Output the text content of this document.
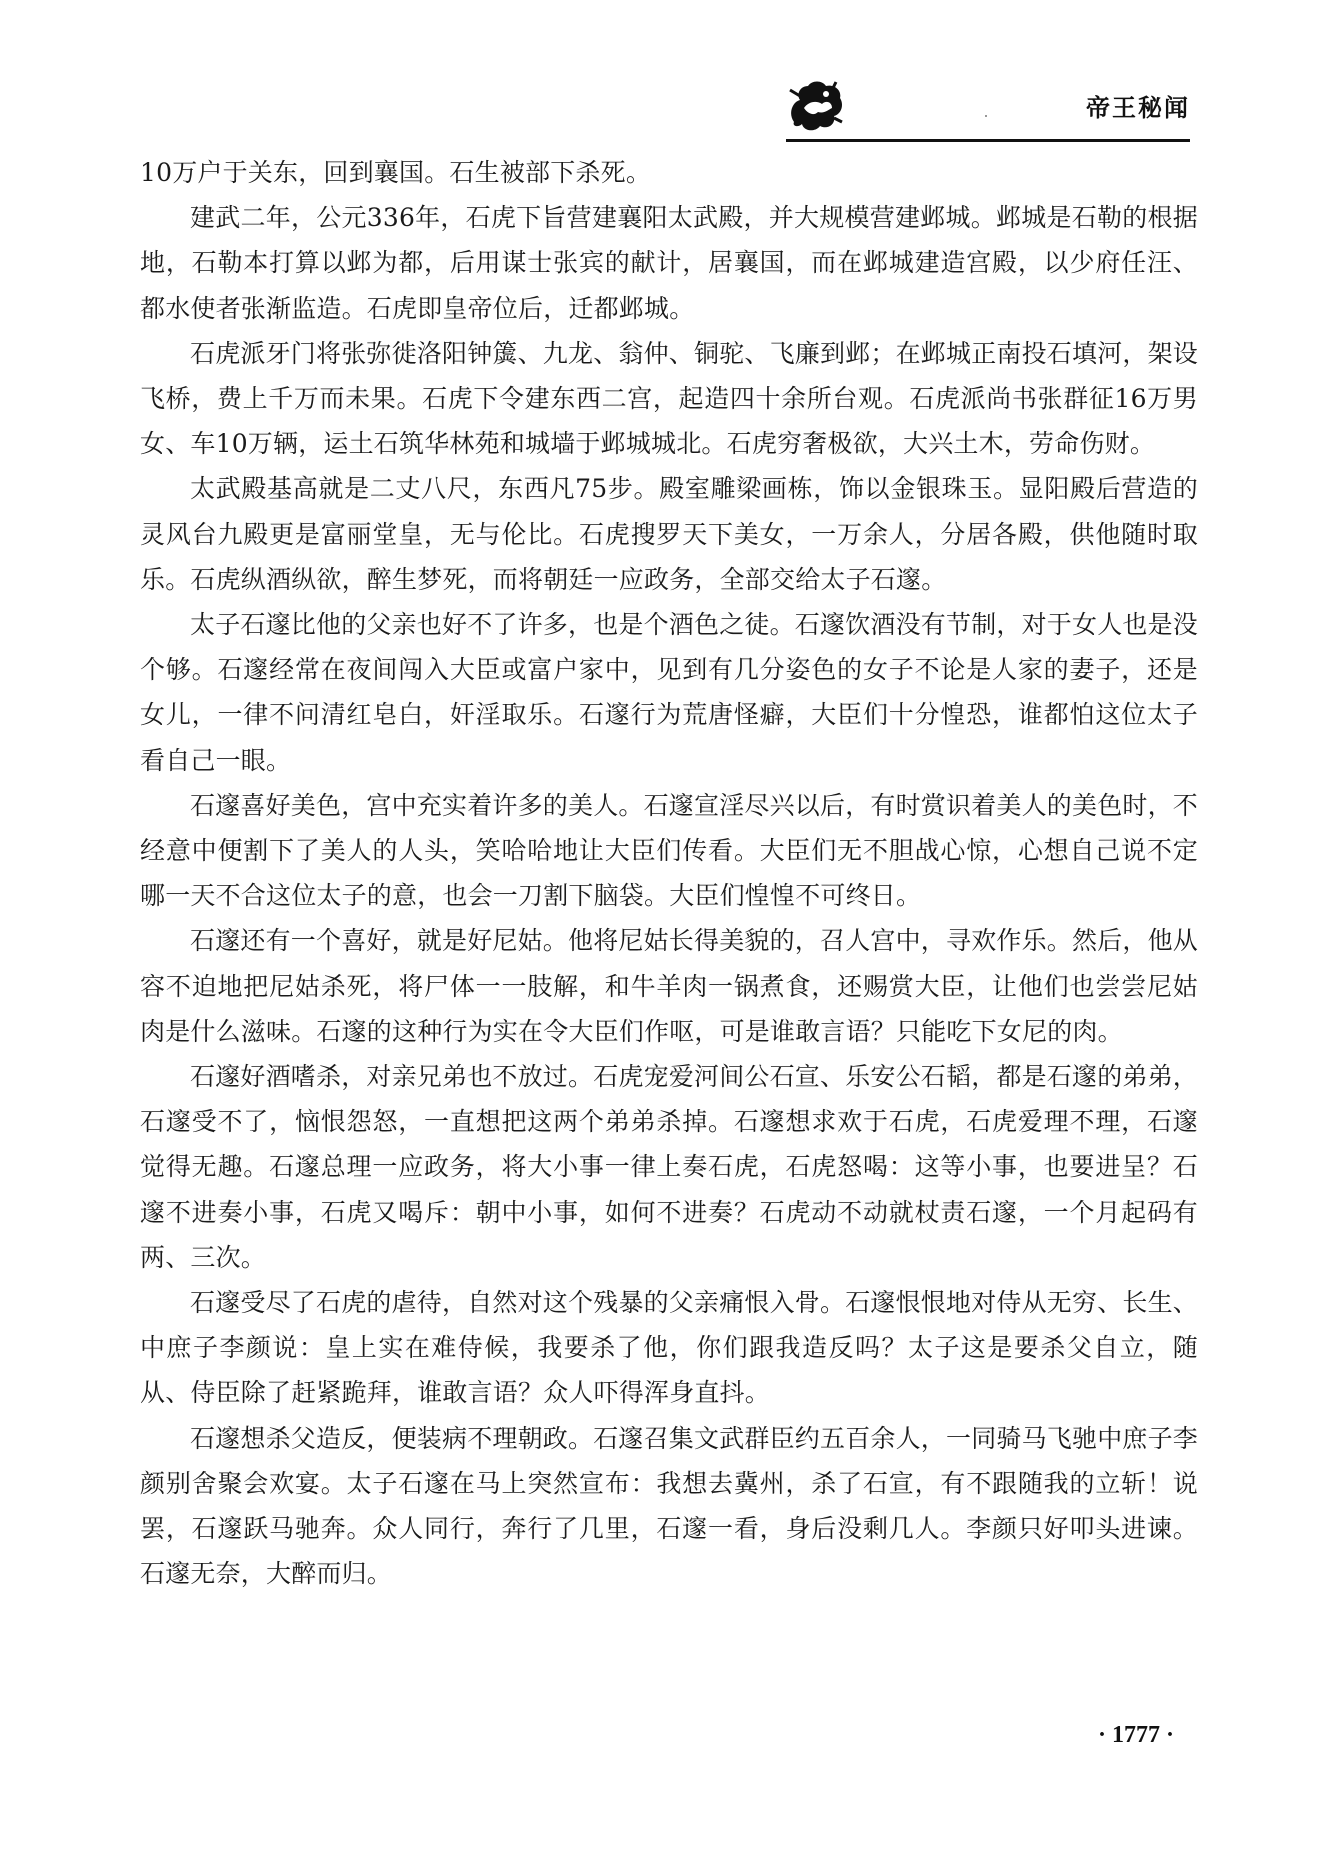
帝王秘闻

10万户于关东，回到襄国。石生被部下杀死。

建武二年，公元336年，石虎下旨营建襄阳太武殿，并大规模营建邺城。邺城是石勒的根据地，石勒本打算以邺为都，后用谋士张宾的献计，居襄国，而在邺城建造宫殿，以少府任汪、都水使者张渐监造。石虎即皇帝位后，迁都邺城。

石虎派牙门将张弥徙洛阳钟簴、九龙、翁仲、铜驼、飞廉到邺；在邺城正南投石填河，架设飞桥，费上千万而未果。石虎下令建东西二宫，起造四十余所台观。石虎派尚书张群征16万男女、车10万辆，运土石筑华林苑和城墙于邺城城北。石虎穷奢极欲，大兴土木，劳命伤财。

太武殿基高就是二丈八尺，东西凡75步。殿室雕梁画栋，饰以金银珠玉。显阳殿后营造的灵风台九殿更是富丽堂皇，无与伦比。石虎搜罗天下美女，一万余人，分居各殿，供他随时取乐。石虎纵酒纵欲，醉生梦死，而将朝廷一应政务，全部交给太子石邃。

太子石邃比他的父亲也好不了许多，也是个酒色之徒。石邃饮酒没有节制，对于女人也是没个够。石邃经常在夜间闯入大臣或富户家中，见到有几分姿色的女子不论是人家的妻子，还是女儿，一律不问清红皂白，奸淫取乐。石邃行为荒唐怪癖，大臣们十分惶恐，谁都怕这位太子看自己一眼。

石邃喜好美色，宫中充实着许多的美人。石邃宣淫尽兴以后，有时赏识着美人的美色时，不经意中便割下了美人的人头，笑哈哈地让大臣们传看。大臣们无不胆战心惊，心想自己说不定哪一天不合这位太子的意，也会一刀割下脑袋。大臣们惶惶不可终日。

石邃还有一个喜好，就是好尼姑。他将尼姑长得美貌的，召人宫中，寻欢作乐。然后，他从容不迫地把尼姑杀死，将尸体一一肢解，和牛羊肉一锅煮食，还赐赏大臣，让他们也尝尝尼姑肉是什么滋味。石邃的这种行为实在令大臣们作呕，可是谁敢言语？只能吃下女尼的肉。

石邃好酒嗜杀，对亲兄弟也不放过。石虎宠爱河间公石宣、乐安公石韬，都是石邃的弟弟，石邃受不了，恼恨怨怒，一直想把这两个弟弟杀掉。石邃想求欢于石虎，石虎爱理不理，石邃觉得无趣。石邃总理一应政务，将大小事一律上奏石虎，石虎怒喝：这等小事，也要进呈？石邃不进奏小事，石虎又喝斥：朝中小事，如何不进奏？石虎动不动就杖责石邃，一个月起码有两、三次。

石邃受尽了石虎的虐待，自然对这个残暴的父亲痛恨入骨。石邃恨恨地对侍从无穷、长生、中庶子李颜说：皇上实在难侍候，我要杀了他，你们跟我造反吗？太子这是要杀父自立，随从、侍臣除了赶紧跪拜，谁敢言语？众人吓得浑身直抖。

石邃想杀父造反，便装病不理朝政。石邃召集文武群臣约五百余人，一同骑马飞驰中庶子李颜别舍聚会欢宴。太子石邃在马上突然宣布：我想去冀州，杀了石宣，有不跟随我的立斩！说罢，石邃跃马驰奔。众人同行，奔行了几里，石邃一看，身后没剩几人。李颜只好叩头进谏。石邃无奈，大醉而归。

· 1777 ·
